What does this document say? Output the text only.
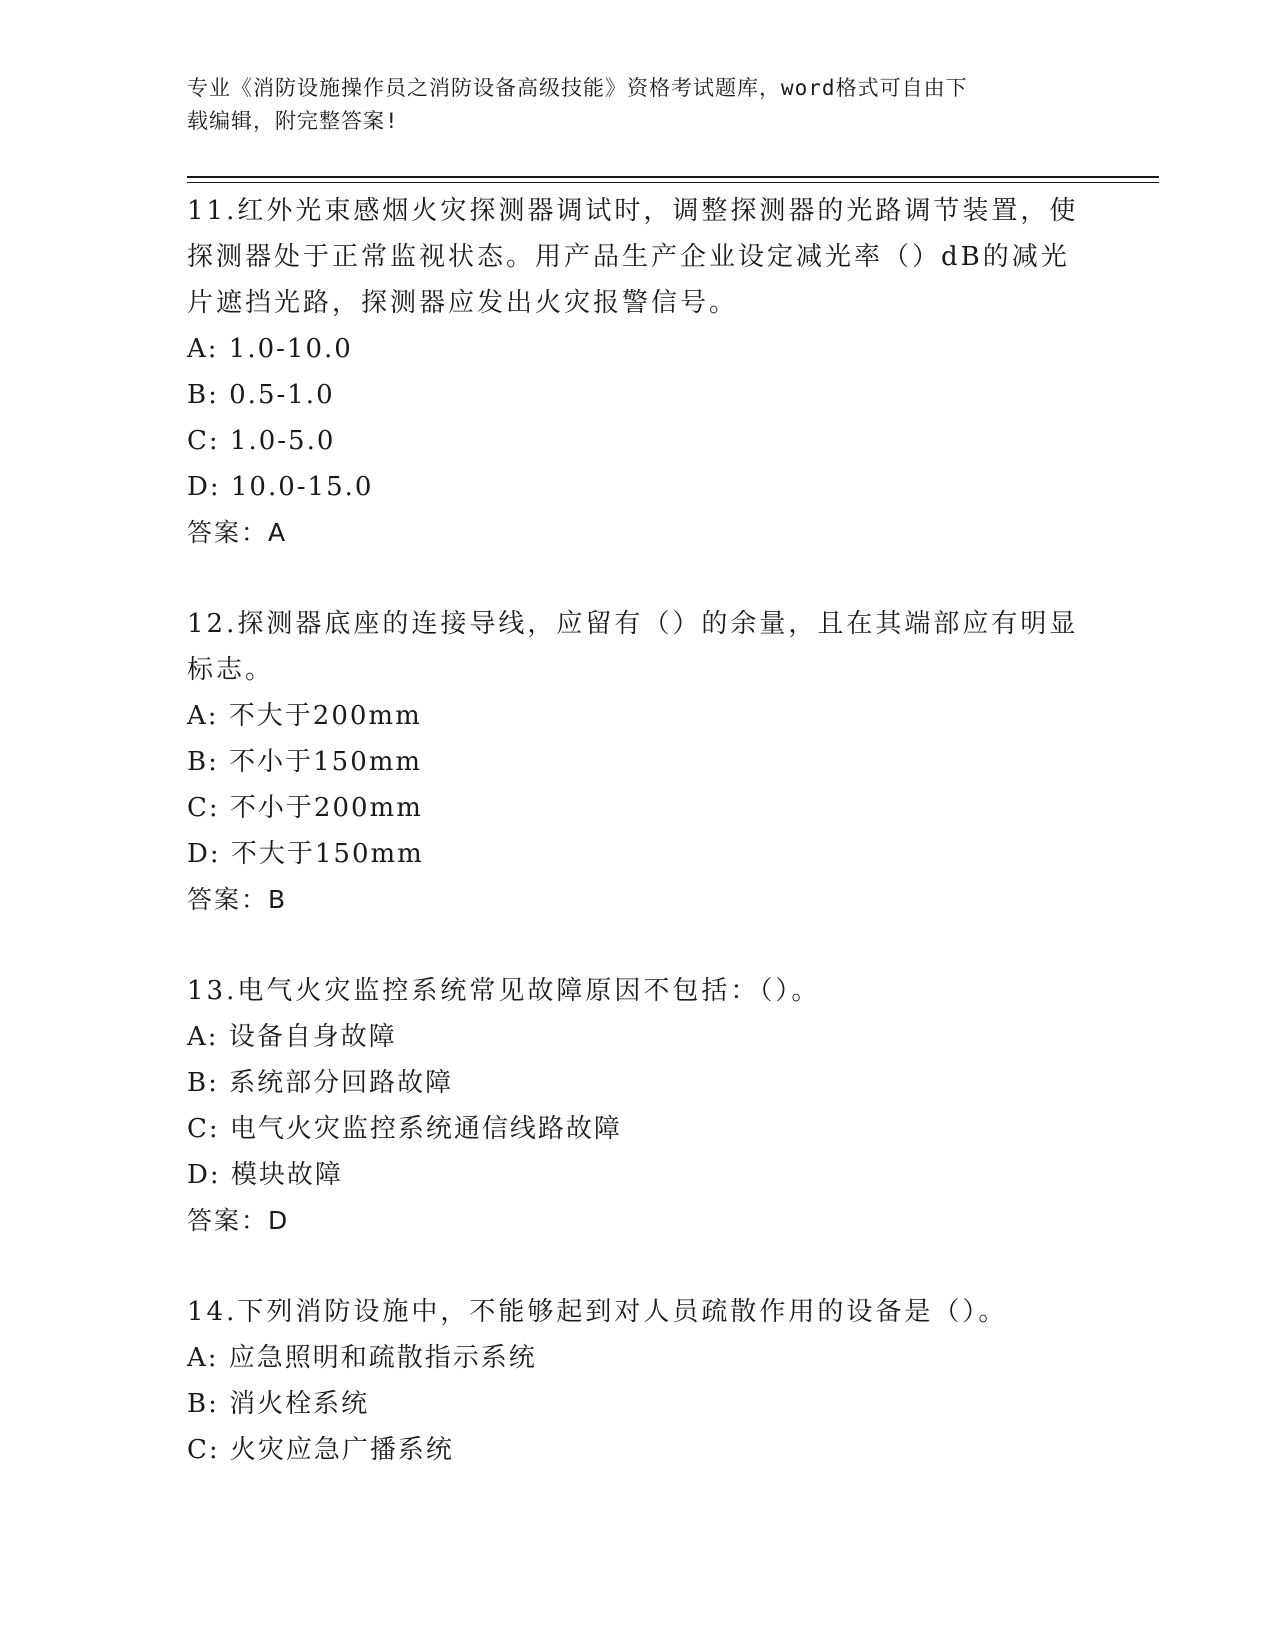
专业《消防设施操作员之消防设备高级技能》资格考试题库，word格式可自由下
载编辑，附完整答案!
11.红外光束感烟火灾探测器调试时，调整探测器的光路调节装置，使
探测器处于正常监视状态。用产品生产企业设定减光率（）dB的减光
片遮挡光路，探测器应发出火灾报警信号。
A: 1.0-10.0
B: 0.5-1.0
C: 1.0-5.0
D: 10.0-15.0
答案：A
12.探测器底座的连接导线，应留有（）的余量，且在其端部应有明显
标志。
A: 不大于200mm
B: 不小于150mm
C: 不小于200mm
D: 不大于150mm
答案：B
13.电气火灾监控系统常见故障原因不包括：（）。
A: 设备自身故障
B: 系统部分回路故障
C: 电气火灾监控系统通信线路故障
D: 模块故障
答案：D
14.下列消防设施中，不能够起到对人员疏散作用的设备是（）。
A: 应急照明和疏散指示系统
B: 消火栓系统
C: 火灾应急广播系统
